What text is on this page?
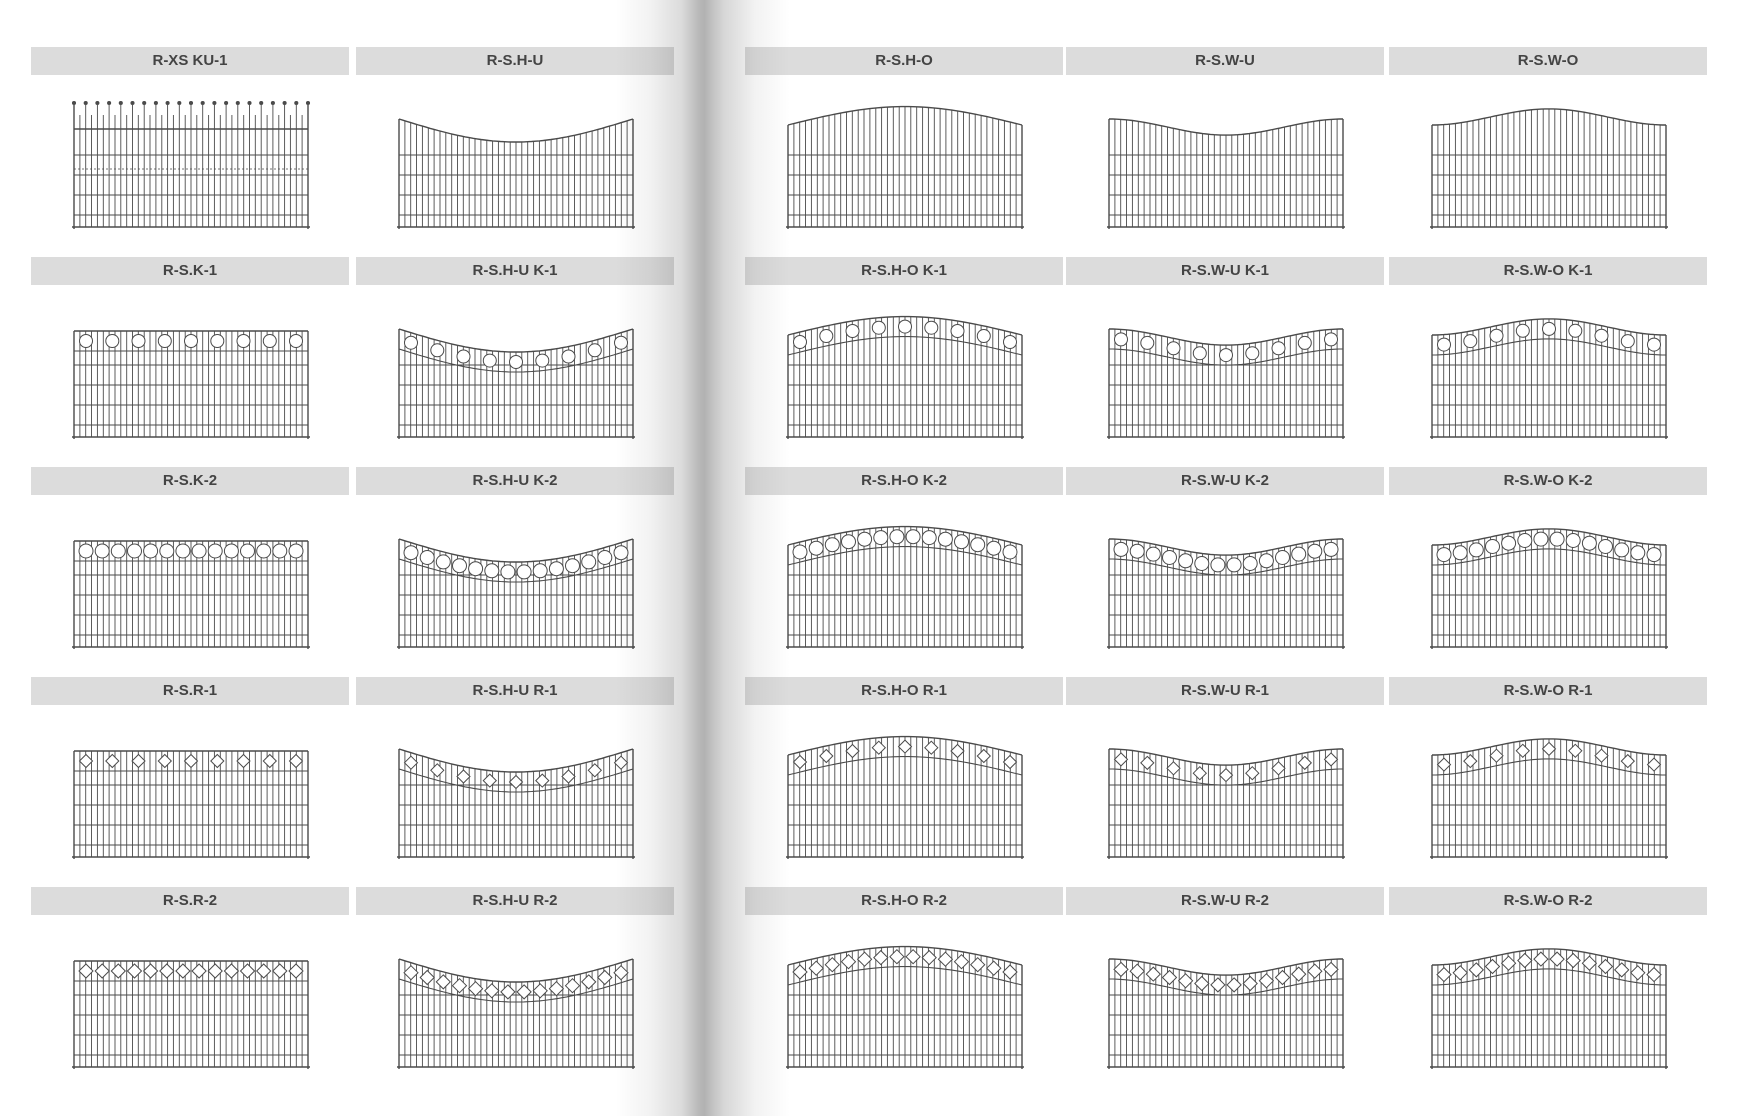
R-XS KU-1	R-S.H-U	R-S.H-O	R-S.W-U	R-S.W-O
R-S.K-1	R-S.H-U K-1	R-S.H-O K-1	R-S.W-U K-1	R-S.W-O K-1
R-S.K-2	R-S.H-U K-2	R-S.H-O K-2	R-S.W-U K-2	R-S.W-O K-2
R-S.R-1	R-S.H-U R-1	R-S.H-O R-1	R-S.W-U R-1	R-S.W-O R-1
R-S.R-2	R-S.H-U R-2	R-S.H-O R-2	R-S.W-U R-2	R-S.W-O R-2
